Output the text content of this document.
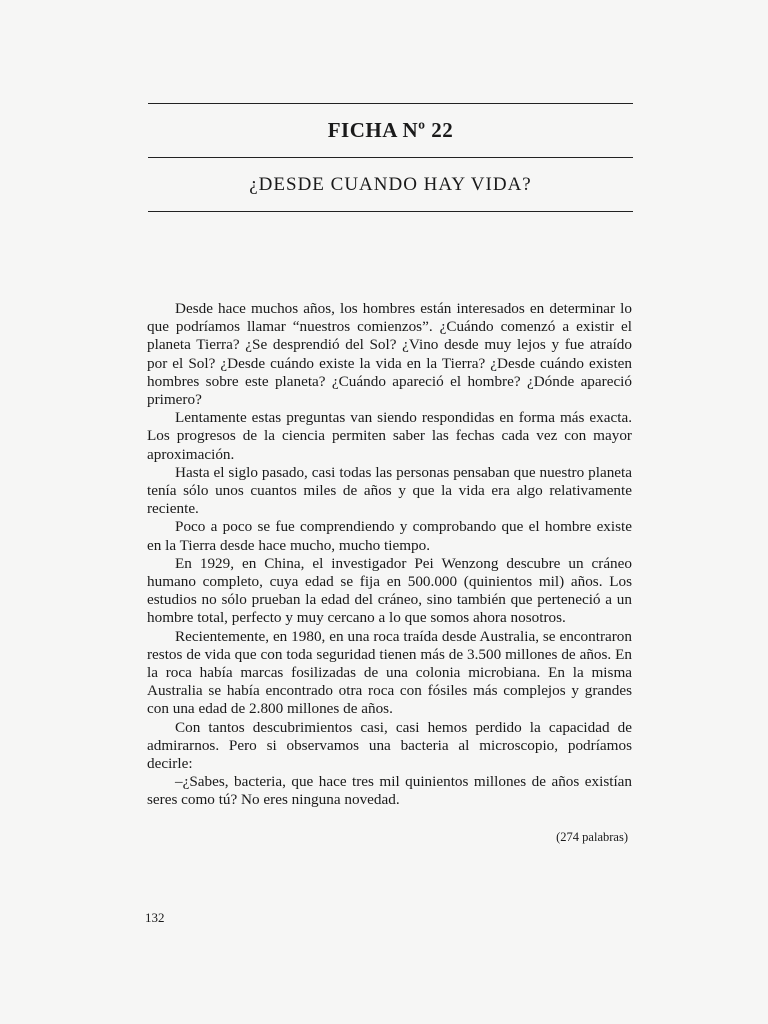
FICHA Nº 22
¿DESDE CUANDO HAY VIDA?

Desde hace muchos años, los hombres están interesados en determinar lo que podríamos llamar “nuestros comienzos”. ¿Cuándo comenzó a existir el planeta Tierra? ¿Se desprendió del Sol? ¿Vino desde muy lejos y fue atraído por el Sol? ¿Desde cuándo existe la vida en la Tierra? ¿Desde cuándo existen hombres sobre este planeta? ¿Cuándo apareció el hombre? ¿Dónde apareció primero?

Lentamente estas preguntas van siendo respondidas en forma más exacta. Los progresos de la ciencia permiten saber las fechas cada vez con mayor aproximación.

Hasta el siglo pasado, casi todas las personas pensaban que nuestro planeta tenía sólo unos cuantos miles de años y que la vida era algo relativamente reciente.

Poco a poco se fue comprendiendo y comprobando que el hombre existe en la Tierra desde hace mucho, mucho tiempo.

En 1929, en China, el investigador Pei Wenzong descubre un cráneo humano completo, cuya edad se fija en 500.000 (quinientos mil) años. Los estudios no sólo prueban la edad del cráneo, sino también que perteneció a un hombre total, perfecto y muy cercano a lo que somos ahora nosotros.

Recientemente, en 1980, en una roca traída desde Australia, se encontraron restos de vida que con toda seguridad tienen más de 3.500 millones de años. En la roca había marcas fosilizadas de una colonia microbiana. En la misma Australia se había encontrado otra roca con fósiles más complejos y grandes con una edad de 2.800 millones de años.

Con tantos descubrimientos casi, casi hemos perdido la capacidad de admirarnos. Pero si observamos una bacteria al microscopio, podríamos decirle:

–¿Sabes, bacteria, que hace tres mil quinientos millones de años existían seres como tú? No eres ninguna novedad.

(274 palabras)
132
